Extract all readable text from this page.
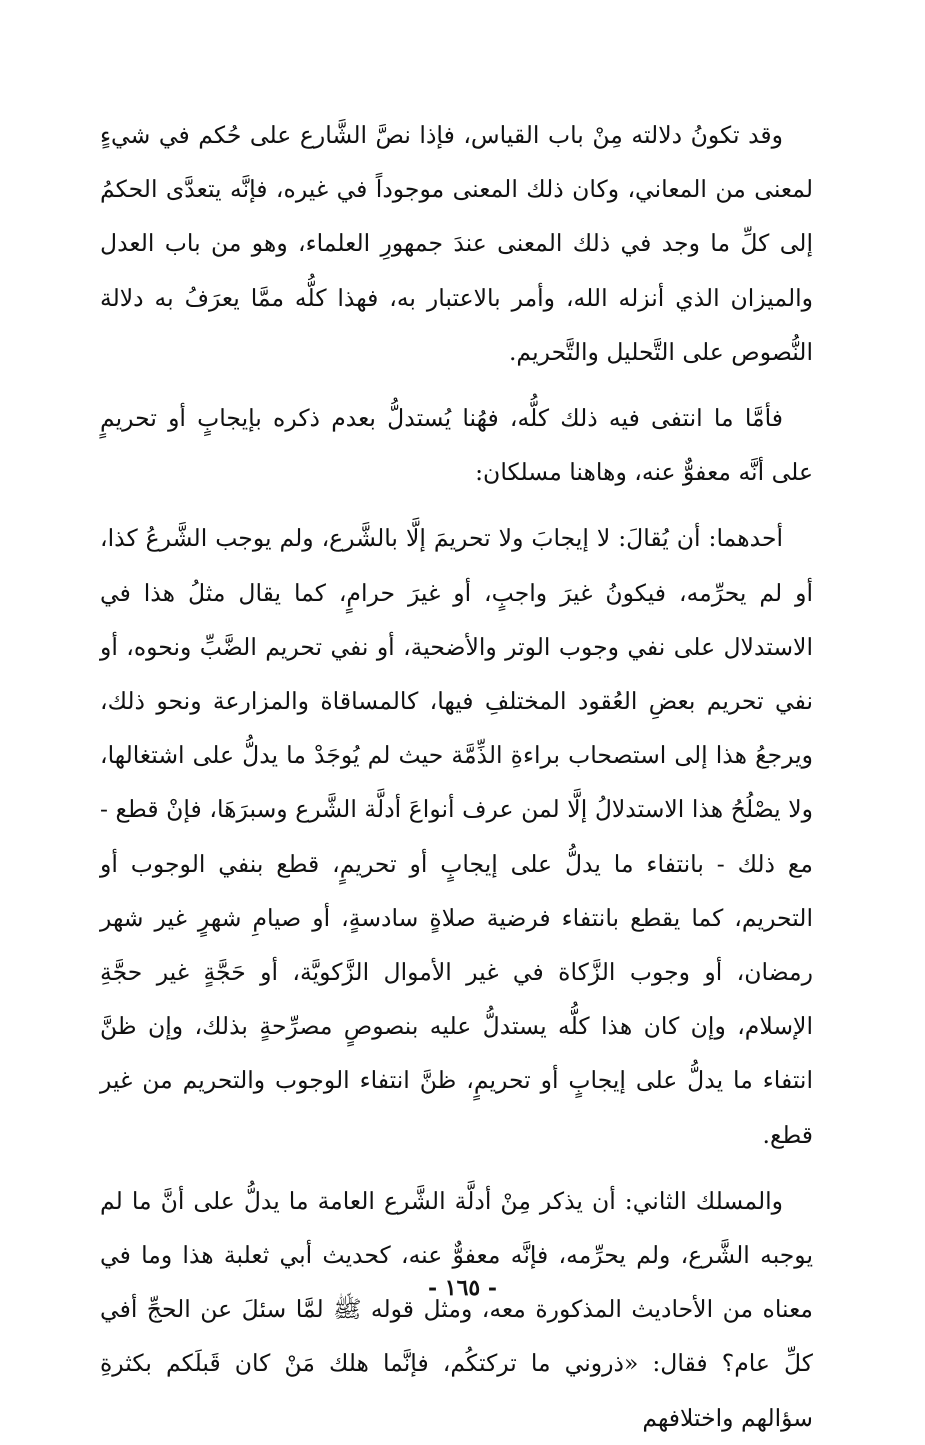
وقد تكونُ دلالته مِنْ باب القياس، فإذا نصَّ الشَّارع على حُكم في شيءٍ لمعنى من المعاني، وكان ذلك المعنى موجوداً في غيره، فإنَّه يتعدَّى الحكمُ إلى كلِّ ما وجد في ذلك المعنى عندَ جمهورِ العلماء، وهو من باب العدل والميزان الذي أنزله الله، وأمر بالاعتبار به، فهذا كلُّه ممَّا يعرَفُ به دلالة النُّصوص على التَّحليل والتَّحريم.

فأمَّا ما انتفى فيه ذلك كلُّه، فهُنا يُستدلُّ بعدم ذكره بإيجابٍ أو تحريمٍ على أنَّه معفوٌّ عنه، وهاهنا مسلكان:

أحدهما: أن يُقالَ: لا إيجابَ ولا تحريمَ إلَّا بالشَّرع، ولم يوجب الشَّرعُ كذا، أو لم يحرِّمه، فيكونُ غيرَ واجبٍ، أو غيرَ حرامٍ، كما يقال مثلُ هذا في الاستدلال على نفي وجوب الوتر والأضحية، أو نفي تحريم الضَّبِّ ونحوه، أو نفي تحريم بعضِ العُقود المختلفِ فيها، كالمساقاة والمزارعة ونحو ذلك، ويرجعُ هذا إلى استصحاب براءةِ الذِّمَّة حيث لم يُوجَدْ ما يدلُّ على اشتغالها، ولا يصْلُحُ هذا الاستدلالُ إلَّا لمن عرف أنواعَ أدلَّة الشَّرع وسبرَهَا، فإنْ قطع - مع ذلك - بانتفاء ما يدلُّ على إيجابٍ أو تحريمٍ، قطع بنفي الوجوب أو التحريم، كما يقطع بانتفاء فرضية صلاةٍ سادسةٍ، أو صيامِ شهرٍ غير شهر رمضان، أو وجوب الزَّكاة في غير الأموال الزَّكويَّة، أو حَجَّةٍ غير حجَّةِ الإسلام، وإن كان هذا كلُّه يستدلُّ عليه بنصوصٍ مصرِّحةٍ بذلك، وإن ظنَّ انتفاء ما يدلُّ على إيجابٍ أو تحريمٍ، ظنَّ انتفاء الوجوب والتحريم من غير قطع.

والمسلك الثاني: أن يذكر مِنْ أدلَّة الشَّرع العامة ما يدلُّ على أنَّ ما لم يوجبه الشَّرع، ولم يحرِّمه، فإنَّه معفوٌّ عنه، كحديث أبي ثعلبة هذا وما في معناه من الأحاديث المذكورة معه، ومثل قوله ﷺ لمَّا سئلَ عن الحجِّ أفي كلِّ عام؟ فقال: «ذروني ما تركتكُم، فإنَّما هلك مَنْ كان قَبلَكم بكثرةِ سؤالهم واختلافهم

- ١٦٥ -
